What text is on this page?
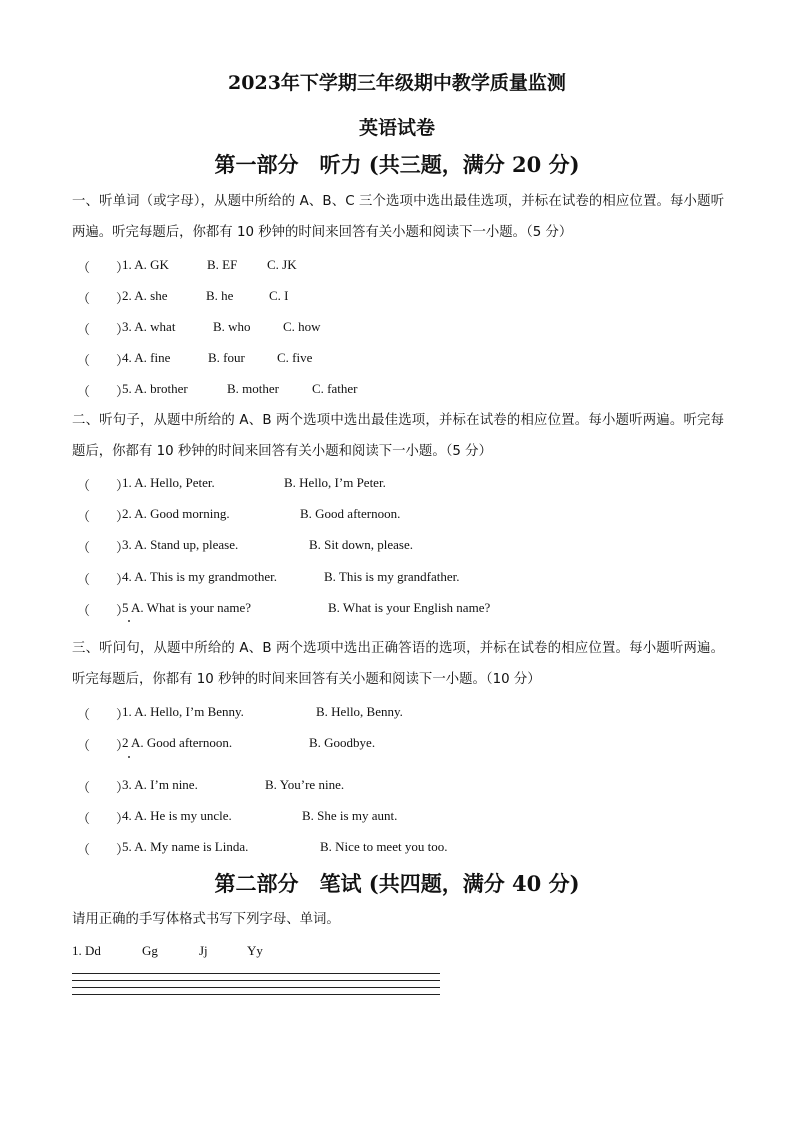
2023年下学期三年级期中教学质量监测
英语试卷
第一部分　听力 (共三题，满分 20 分)
一、听单词（或字母），从题中所给的 A、B、C 三个选项中选出最佳选项，并标在试卷的相应位置。每小题听两遍。听完每题后，你都有 10 秒钟的时间来回答有关小题和阅读下一小题。（5 分）
（　　）
1. A. GK	B. EF C. JK
（　　）
2. A. she	B. he	C. I
（　　）
3. A. what	B. who C. how
（　　）
4. A. fine	B. four C. five
（　　）
5. A. brother	B. mother	C. father
二、听句子，从题中所给的 A、B 两个选项中选出最佳选项，并标在试卷的相应位置。每小题听两遍。听完每题后，你都有 10 秒钟的时间来回答有关小题和阅读下一小题。（5 分）
（　　）
1. A. Hello, Peter.	B. Hello, I’m Peter.
（　　）
2. A. Good morning.	B. Good afternoon.
（　　）
3. A. Stand up, please.	B. Sit down, please.
（　　）
4. A. This is my grandmother.	B. This is my grandfather.
（　　）
5 A. What is your name?	B. What is your English name?
三、听问句，从题中所给的 A、B 两个选项中选出正确答语的选项，并标在试卷的相应位置。每小题听两遍。听完每题后，你都有 10 秒钟的时间来回答有关小题和阅读下一小题。（10 分）
（　　）
1. A. Hello, I’m Benny.	B. Hello, Benny.
（　　）
2 A. Good afternoon.	B. Goodbye.
（　　）
3. A. I’m nine.	B. You’re nine.
（　　）
4. A. He is my uncle.	B. She is my aunt.
（　　）
5. A. My name is Linda.	B. Nice to meet you too.
第二部分　笔试 (共四题，满分 40 分)
请用正确的手写体格式书写下列字母、单词。
1. Dd	Gg	Jj	Yy
